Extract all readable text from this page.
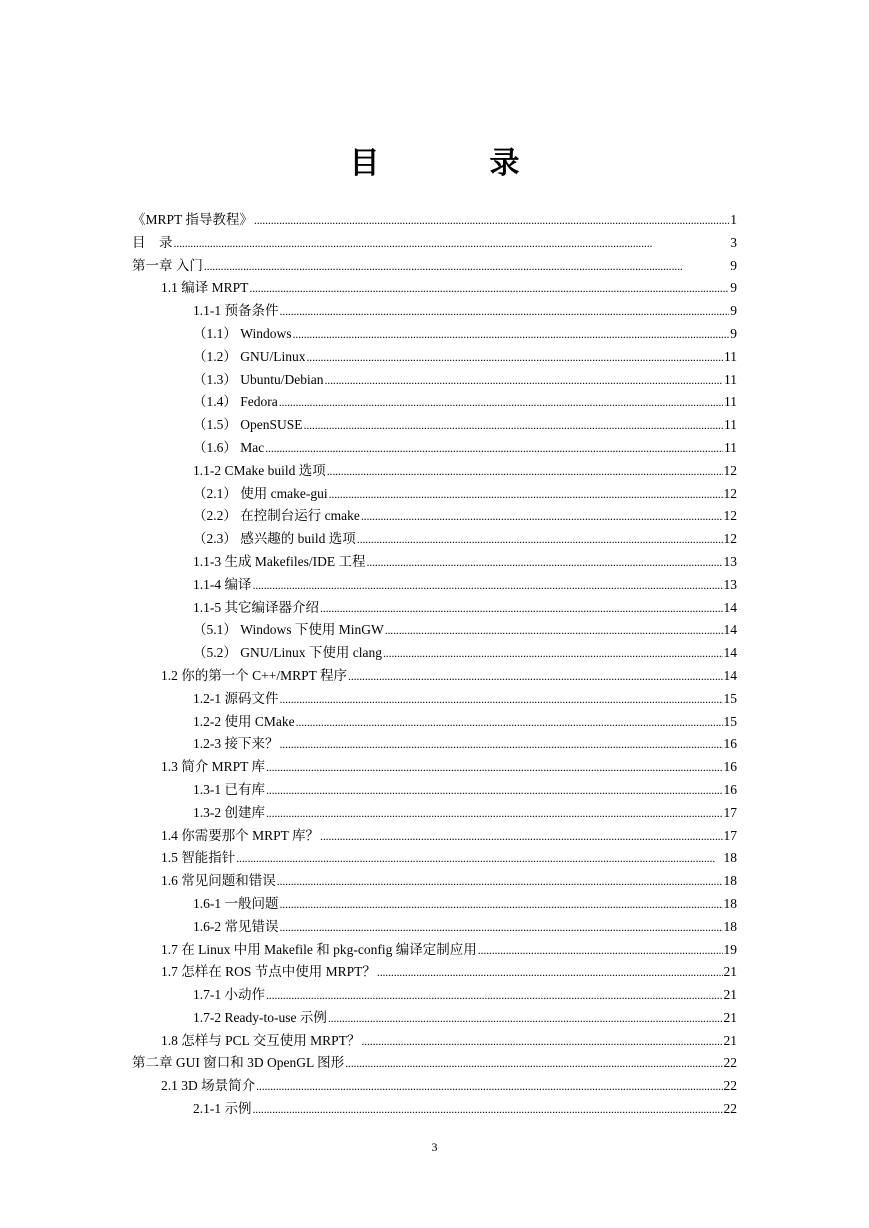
目　录
《MRPT 指导教程》 . . .	1
目　录 . . .	3
第一章 入门 . . .	9
1.1 编译 MRPT . . .	9
1.1-1 预备条件 . . .	9
（1.1） Windows . . .	9
（1.2） GNU/Linux . . .	11
（1.3） Ubuntu/Debian . . .	11
（1.4） Fedora . . .	11
（1.5） OpenSUSE . . .	11
（1.6） Mac . . .	11
1.1-2 CMake build 选项 . . .	12
（2.1） 使用 cmake-gui . . .	12
（2.2） 在控制台运行 cmake . . .	12
（2.3） 感兴趣的 build 选项 . . .	12
1.1-3 生成 Makefiles/IDE 工程 . . .	13
1.1-4 编译 . . .	13
1.1-5 其它编译器介绍 . . .	14
（5.1） Windows 下使用 MinGW . . .	14
（5.2） GNU/Linux 下使用 clang . . .	14
1.2 你的第一个 C++/MRPT 程序 . . .	14
1.2-1 源码文件 . . .	15
1.2-2 使用 CMake . . .	15
1.2-3 接下来？ . . .	16
1.3 简介 MRPT 库 . . .	16
1.3-1 已有库 . . .	16
1.3-2 创建库 . . .	17
1.4 你需要那个 MRPT 库？ . . .	17
1.5 智能指针 . . .	18
1.6 常见问题和错误 . . .	18
1.6-1 一般问题 . . .	18
1.6-2 常见错误 . . .	18
1.7 在 Linux 中用 Makefile 和 pkg-config 编译定制应用 . . .	19
1.7 怎样在 ROS 节点中使用 MRPT？ . . .	21
1.7-1 小动作 . . .	21
1.7-2 Ready-to-use 示例 . . .	21
1.8 怎样与 PCL 交互使用 MRPT？ . . .	21
第二章 GUI 窗口和 3D OpenGL 图形 . . .	22
2.1 3D 场景简介 . . .	22
2.1-1 示例 . . .	22
3
